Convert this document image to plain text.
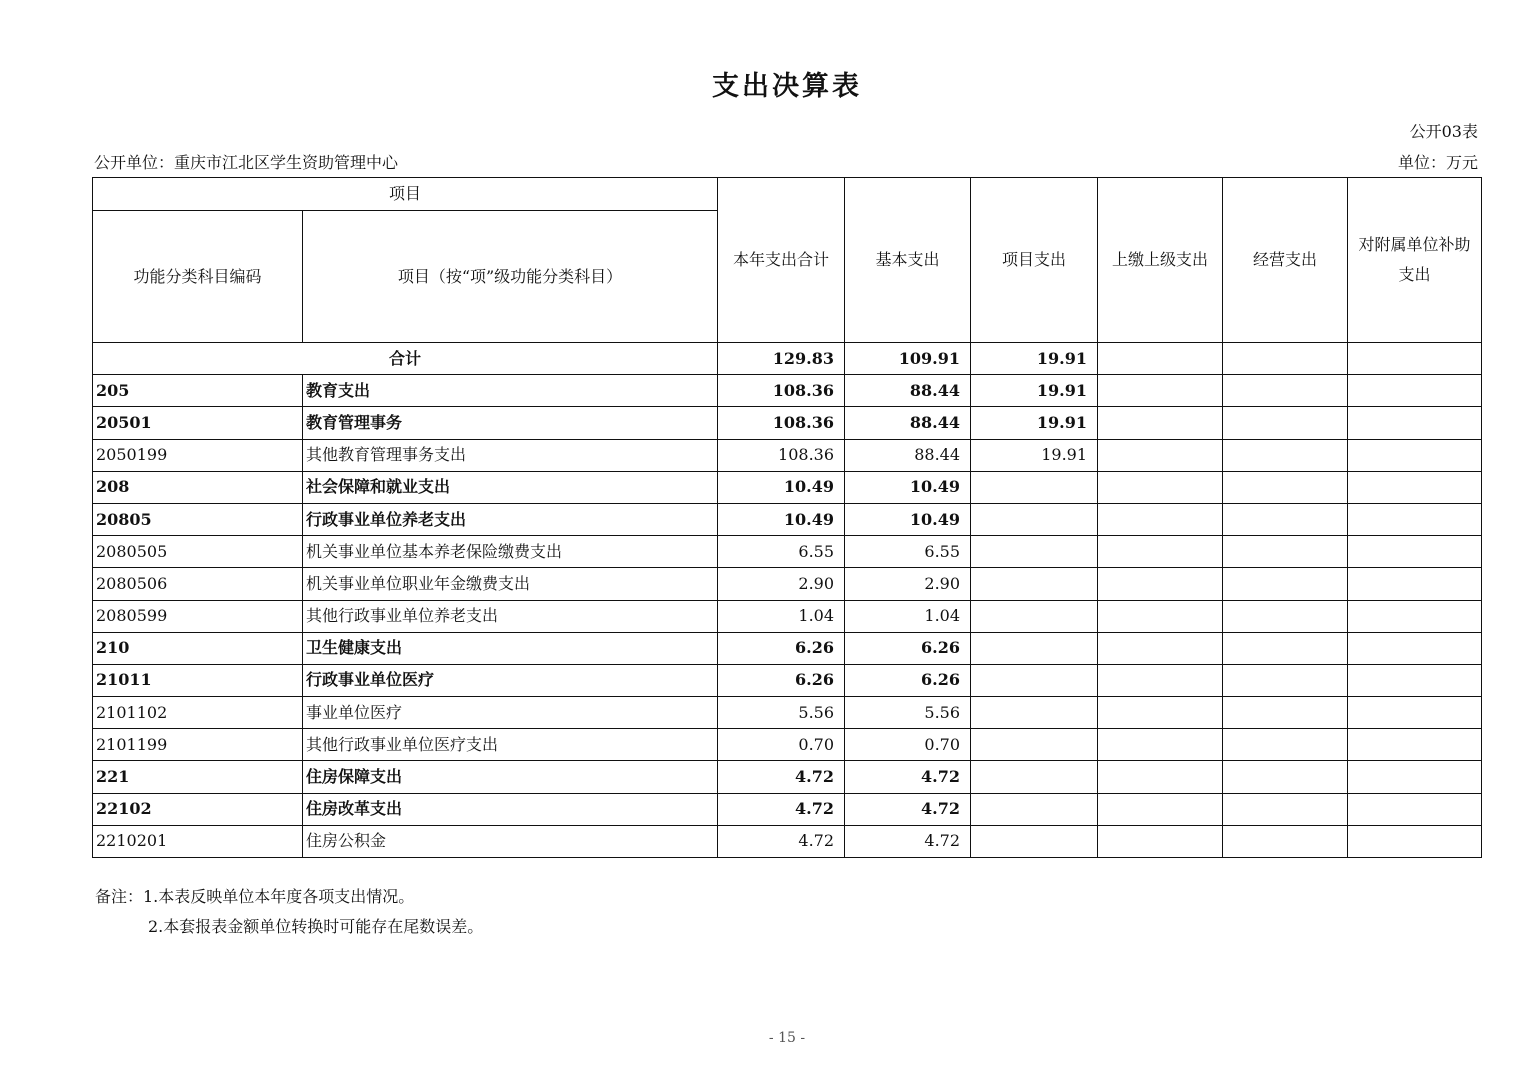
支出决算表
公开03表
公开单位：重庆市江北区学生资助管理中心	单位：万元
项目		本年支出合计	基本支出	项目支出	上缴上级支出	经营支出	对附属单位补助支出
功能分类科目编码	项目（按“项”级功能分类科目）						
合计		129.83	109.91	19.91			
205	教育支出	108.36	88.44	19.91			
20501	教育管理事务	108.36	88.44	19.91			
2050199	其他教育管理事务支出	108.36	88.44	19.91			
208	社会保障和就业支出	10.49	10.49				
20805	行政事业单位养老支出	10.49	10.49				
2080505	机关事业单位基本养老保险缴费支出	6.55	6.55				
2080506	机关事业单位职业年金缴费支出	2.90	2.90				
2080599	其他行政事业单位养老支出	1.04	1.04				
210	卫生健康支出	6.26	6.26				
21011	行政事业单位医疗	6.26	6.26				
2101102	事业单位医疗	5.56	5.56				
2101199	其他行政事业单位医疗支出	0.70	0.70				
221	住房保障支出	4.72	4.72				
22102	住房改革支出	4.72	4.72				
2210201	住房公积金	4.72	4.72				
备注：1.本表反映单位本年度各项支出情况。
2.本套报表金额单位转换时可能存在尾数误差。
- 15 -
